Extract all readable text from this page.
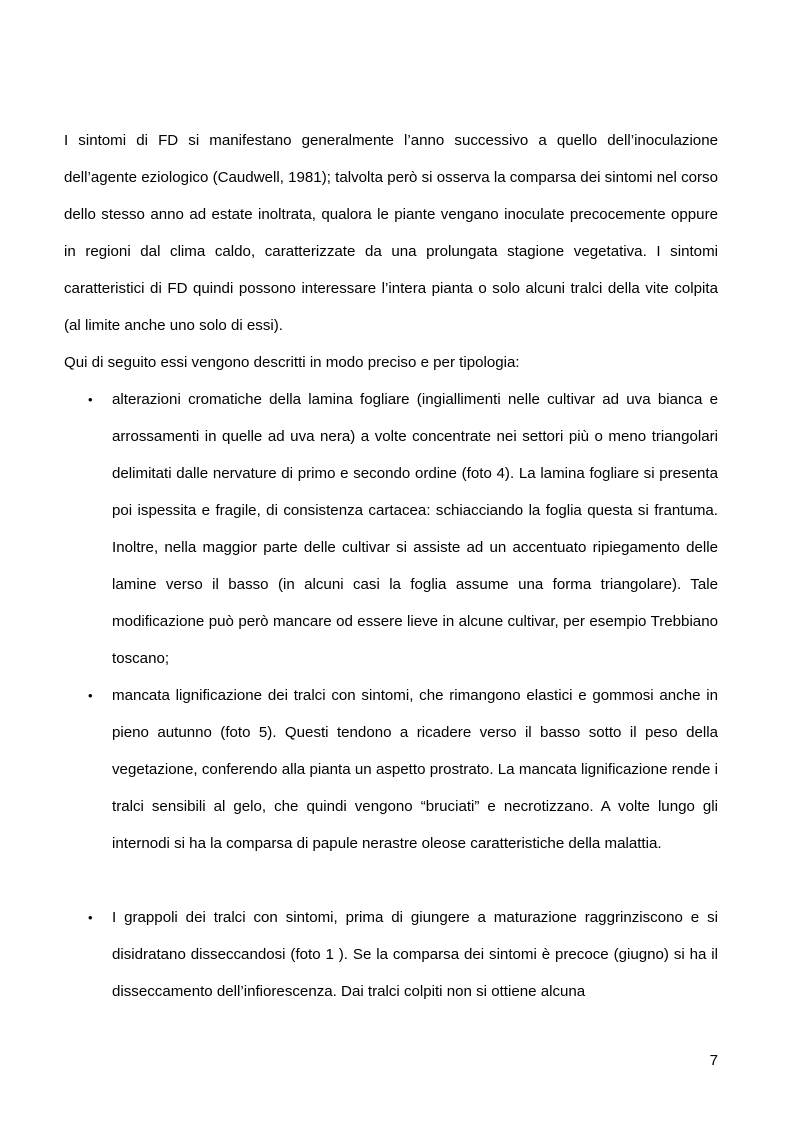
I sintomi di FD si manifestano generalmente l’anno successivo a quello dell’inoculazione dell’agente eziologico (Caudwell, 1981); talvolta però si osserva la comparsa dei sintomi nel corso dello stesso anno ad estate inoltrata, qualora le piante vengano inoculate precocemente oppure in regioni dal clima caldo, caratterizzate da una prolungata stagione vegetativa. I sintomi caratteristici di FD quindi possono interessare l’intera pianta o solo alcuni tralci della vite colpita (al limite anche uno solo di essi).

Qui di seguito essi vengono descritti in modo preciso e per tipologia:

• alterazioni cromatiche della lamina fogliare (ingiallimenti nelle cultivar ad uva bianca e arrossamenti in quelle ad uva nera) a volte concentrate nei settori più o meno triangolari delimitati dalle nervature di primo e secondo ordine (foto 4). La lamina fogliare si presenta poi ispessita e fragile, di consistenza cartacea: schiacciando la foglia questa si frantuma. Inoltre, nella maggior parte delle cultivar si assiste ad un accentuato ripiegamento delle lamine verso il basso (in alcuni casi la foglia assume una forma triangolare). Tale modificazione può però mancare od essere lieve in alcune cultivar, per esempio Trebbiano toscano;
• mancata lignificazione dei tralci con sintomi, che rimangono elastici e gommosi anche in pieno autunno (foto 5). Questi tendono a ricadere verso il basso sotto il peso della vegetazione, conferendo alla pianta un aspetto prostrato. La mancata lignificazione rende i tralci sensibili al gelo, che quindi vengono “bruciati” e necrotizzano. A volte lungo gli internodi si ha la comparsa di papule nerastre oleose caratteristiche della malattia.
• I grappoli dei tralci con sintomi, prima di giungere a maturazione raggrinziscono e si disidratano disseccandosi (foto 1 ). Se la comparsa dei sintomi è precoce (giugno) si ha il disseccamento dell’infiorescenza. Dai tralci colpiti non si ottiene alcuna
7
